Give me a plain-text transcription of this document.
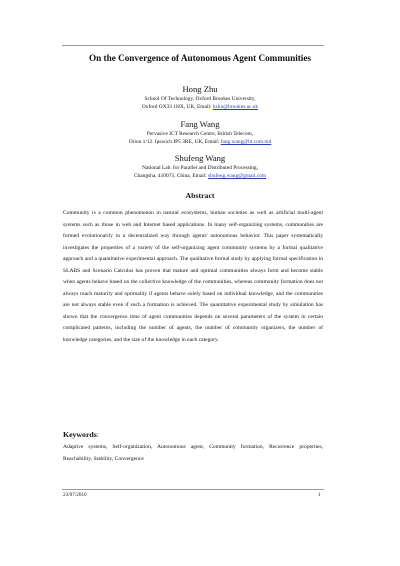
On the Convergence of Autonomous Agent Communities
Hong Zhu
School Of Technology, Oxford Brookes University,
Oxford OX33 1HX, UK, Email: hzhu@brookes.ac.uk
Fang Wang
Pervasive ICT Research Centre, British Telecom,
Orion 1/12. Ipswich IP5 3RE, UK, Email: fang.wang@bt.com.md
Shufeng Wang
National Lab. for Parallel and Distributed Processing,
Changsha, 410073, China, Email: shufeng.wang@gmail.com
Abstract
Community is a common phenomenon in natural ecosystems, human societies as well as artificial multi-agent systems such as those in web and Internet based applications. In many self-organizing systems, communities are formed evolutionarily in a decentralized way through agents' autonomous behavior. This paper systematically investigates the properties of a variety of the self-organizing agent community systems by a formal qualitative approach and a quantitative experimental approach. The qualitative formal study by applying formal specification in SLABS and Scenario Calculus has proven that mature and optimal communities always form and become stable when agents behave based on the collective knowledge of the communities, whereas community formation does not always reach maturity and optimality if agents behave solely based on individual knowledge, and the communities are not always stable even if such a formation is achieved. The quantitative experimental study by simulation has shown that the convergence time of agent communities depends on several parameters of the system in certain complicated patterns, including the number of agents, the number of community organizers, the number of knowledge categories, and the size of the knowledge in each category.
Keywords:
Adaptive systems, Self-organization, Autonomous agent, Community formation, Recurrence properties, Reachability, Stability, Convergence
23/07/2010	1
